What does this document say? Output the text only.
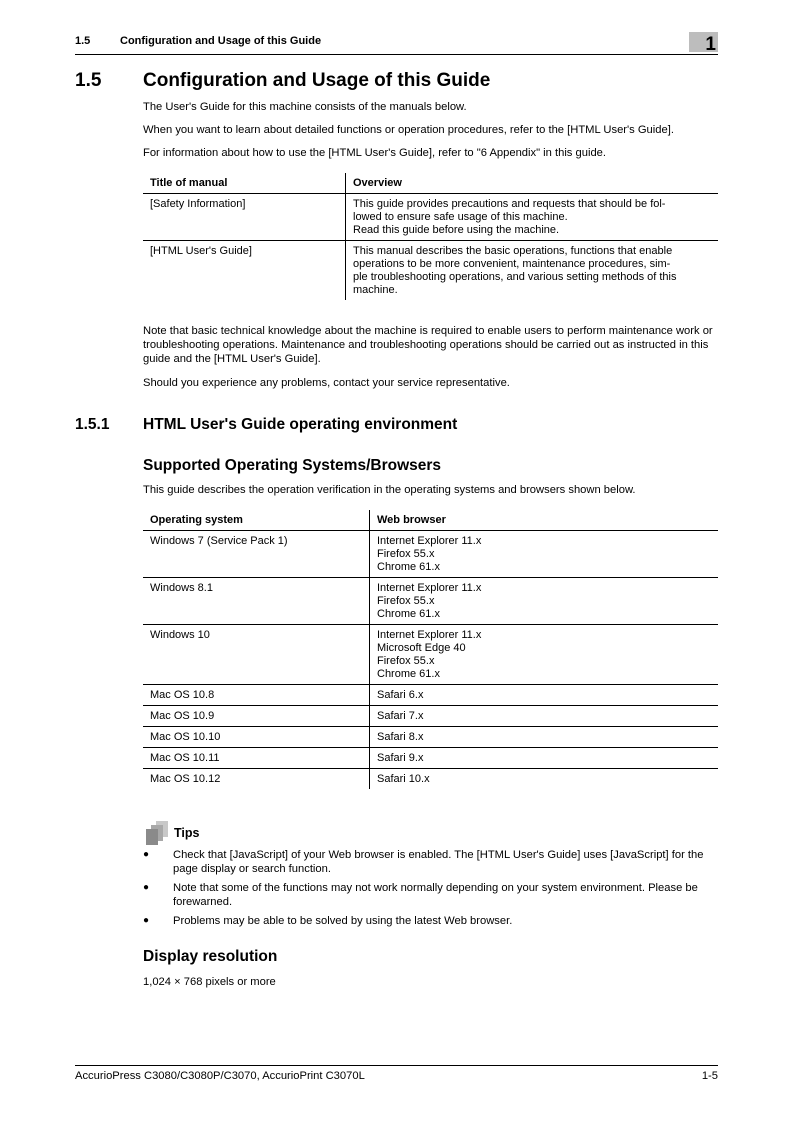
1.5	Configuration and Usage of this Guide	1
1.5 Configuration and Usage of this Guide

The User's Guide for this machine consists of the manuals below.

When you want to learn about detailed functions or operation procedures, refer to the [HTML User's Guide].

For information about how to use the [HTML User's Guide], refer to "6 Appendix" in this guide.

Title of manual	Overview
[Safety Information]	This guide provides precautions and requests that should be fol-
lowed to ensure safe usage of this machine.
Read this guide before using the machine.
[HTML User's Guide]	This manual describes the basic operations, functions that enable
operations to be more convenient, maintenance procedures, sim-
ple troubleshooting operations, and various setting methods of this
machine.

Note that basic technical knowledge about the machine is required to enable users to perform maintenance work or troubleshooting operations. Maintenance and troubleshooting operations should be carried out as instructed in this guide and the [HTML User's Guide].

Should you experience any problems, contact your service representative.

1.5.1 HTML User's Guide operating environment
Supported Operating Systems/Browsers

This guide describes the operation verification in the operating systems and browsers shown below.

Operating system	Web browser
Windows 7 (Service Pack 1)	Internet Explorer 11.x
Firefox 55.x
Chrome 61.x
Windows 8.1	Internet Explorer 11.x
Firefox 55.x
Chrome 61.x
Windows 10	Internet Explorer 11.x
Microsoft Edge 40
Firefox 55.x
Chrome 61.x
Mac OS 10.8	Safari 6.x
Mac OS 10.9	Safari 7.x
Mac OS 10.10	Safari 8.x
Mac OS 10.11	Safari 9.x
Mac OS 10.12	Safari 10.x
Tips
● Check that [JavaScript] of your Web browser is enabled. The [HTML User's Guide] uses [JavaScript] for the page display or search function.
● Note that some of the functions may not work normally depending on your system environment. Please be forewarned.
● Problems may be able to be solved by using the latest Web browser.
Display resolution

1,024 × 768 pixels or more

AccurioPress C3080/C3080P/C3070, AccurioPrint C3070L	1-5
